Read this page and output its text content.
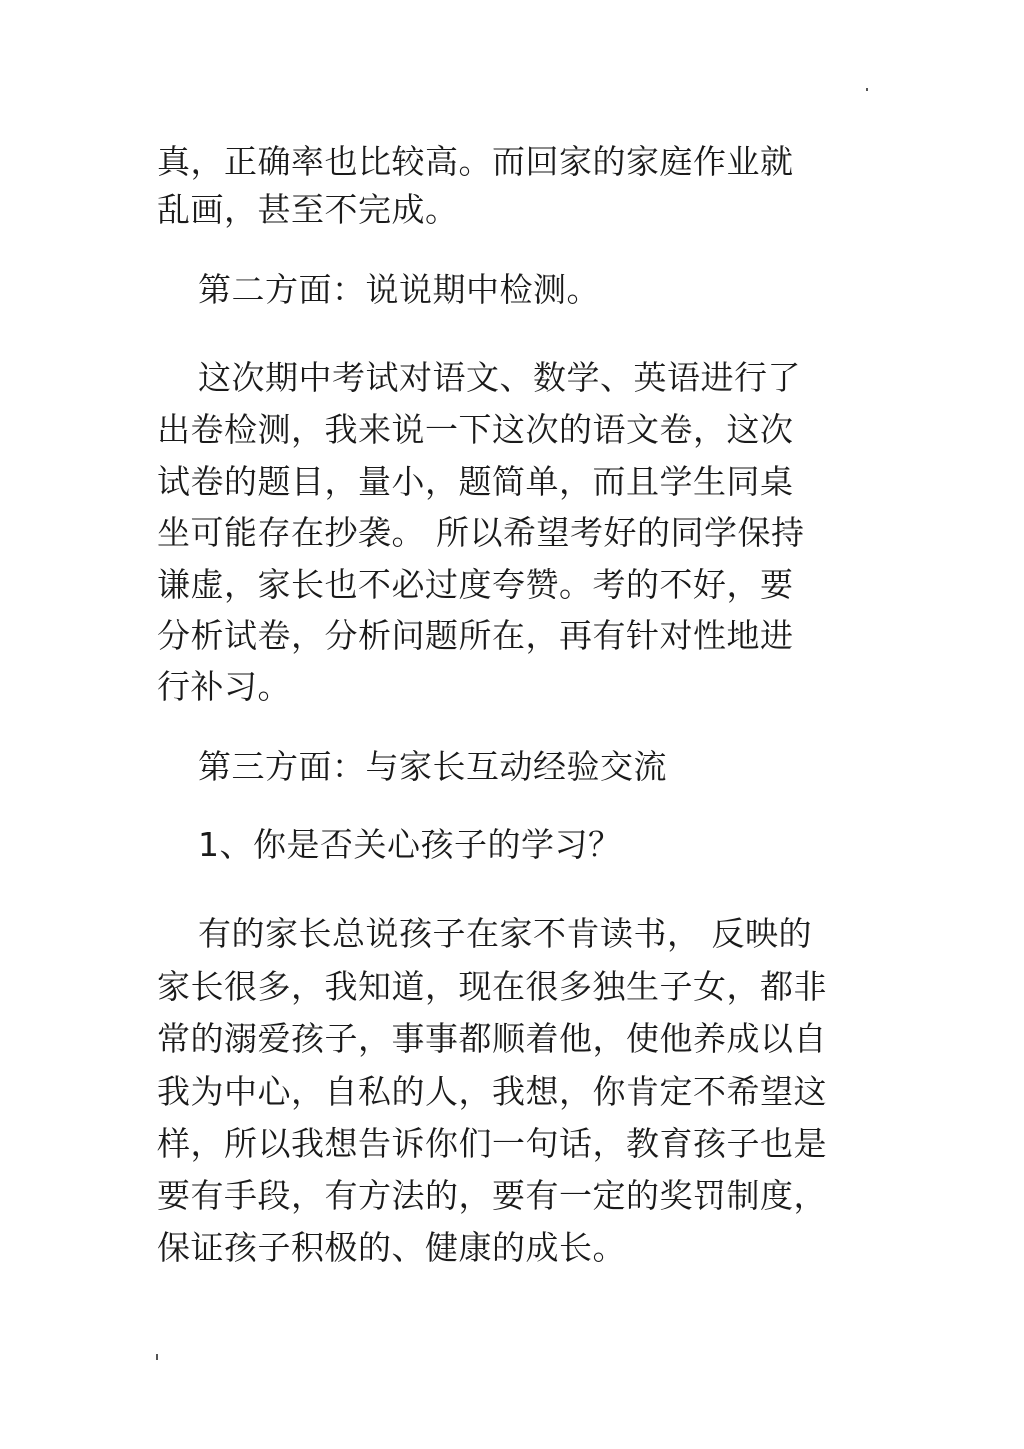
真，正确率也比较高。而回家的家庭作业就
乱画，甚至不完成。
第二方面：说说期中检测。
这次期中考试对语文、数学、英语进行了
出卷检测，我来说一下这次的语文卷，这次
试卷的题目，量小，题简单，而且学生同桌
坐可能存在抄袭。 所以希望考好的同学保持
谦虚，家长也不必过度夸赞。考的不好，要
分析试卷，分析问题所在，再有针对性地进
行补习。
第三方面：与家长互动经验交流
1、你是否关心孩子的学习？
有的家长总说孩子在家不肯读书， 反映的
家长很多，我知道，现在很多独生子女，都非
常的溺爱孩子，事事都顺着他，使他养成以自
我为中心，自私的人，我想，你肯定不希望这
样，所以我想告诉你们一句话，教育孩子也是
要有手段，有方法的，要有一定的奖罚制度，
保证孩子积极的、健康的成长。
